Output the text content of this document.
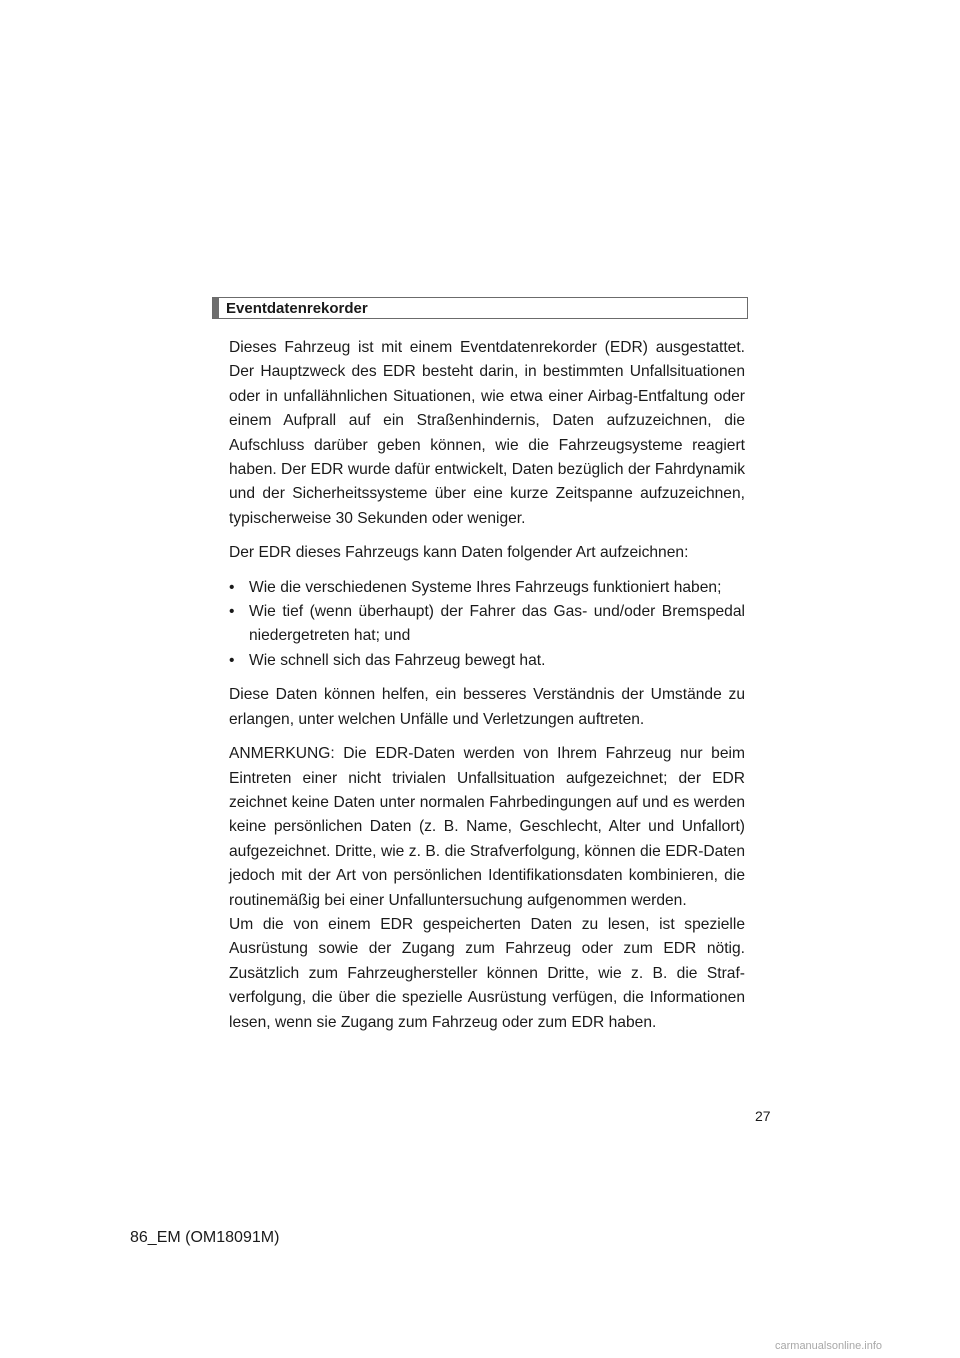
Eventdatenrekorder

Dieses Fahrzeug ist mit einem Eventdatenrekorder (EDR) ausgestattet. Der Hauptzweck des EDR besteht darin, in bestimmten Unfallsituationen oder in unfallähnlichen Situationen, wie etwa einer Airbag-Entfaltung oder einem Aufprall auf ein Straßenhindernis, Daten aufzuzeichnen, die Aufschluss darüber geben können, wie die Fahrzeugsysteme reagiert haben. Der EDR wurde dafür entwickelt, Daten bezüglich der Fahrdynamik und der Sicherheitssysteme über eine kurze Zeitspanne aufzuzeichnen, typischerweise 30 Sekunden oder weniger.

Der EDR dieses Fahrzeugs kann Daten folgender Art aufzeichnen:

• Wie die verschiedenen Systeme Ihres Fahrzeugs funktioniert haben;
• Wie tief (wenn überhaupt) der Fahrer das Gas- und/oder Bremspedal niedergetreten hat; und
• Wie schnell sich das Fahrzeug bewegt hat.

Diese Daten können helfen, ein besseres Verständnis der Umstände zu erlangen, unter welchen Unfälle und Verletzungen auftreten.

ANMERKUNG: Die EDR-Daten werden von Ihrem Fahrzeug nur beim Eintreten einer nicht trivialen Unfallsituation aufgezeichnet; der EDR zeichnet keine Daten unter normalen Fahrbedingungen auf und es werden keine persönlichen Daten (z. B. Name, Geschlecht, Alter und Unfallort) aufgezeichnet. Dritte, wie z. B. die Strafverfolgung, können die EDR-Daten jedoch mit der Art von persönlichen Identifikationsdaten kombinieren, die routinemäßig bei einer Unfalluntersuchung aufgenommen werden.

Um die von einem EDR gespeicherten Daten zu lesen, ist spezielle Ausrüstung sowie der Zugang zum Fahrzeug oder zum EDR nötig. Zusätzlich zum Fahrzeughersteller können Dritte, wie z. B. die Strafverfolgung, die über die spezielle Ausrüstung verfügen, die Informationen lesen, wenn sie Zugang zum Fahrzeug oder zum EDR haben.

27
86_EM (OM18091M)
carmanualsonline.info
